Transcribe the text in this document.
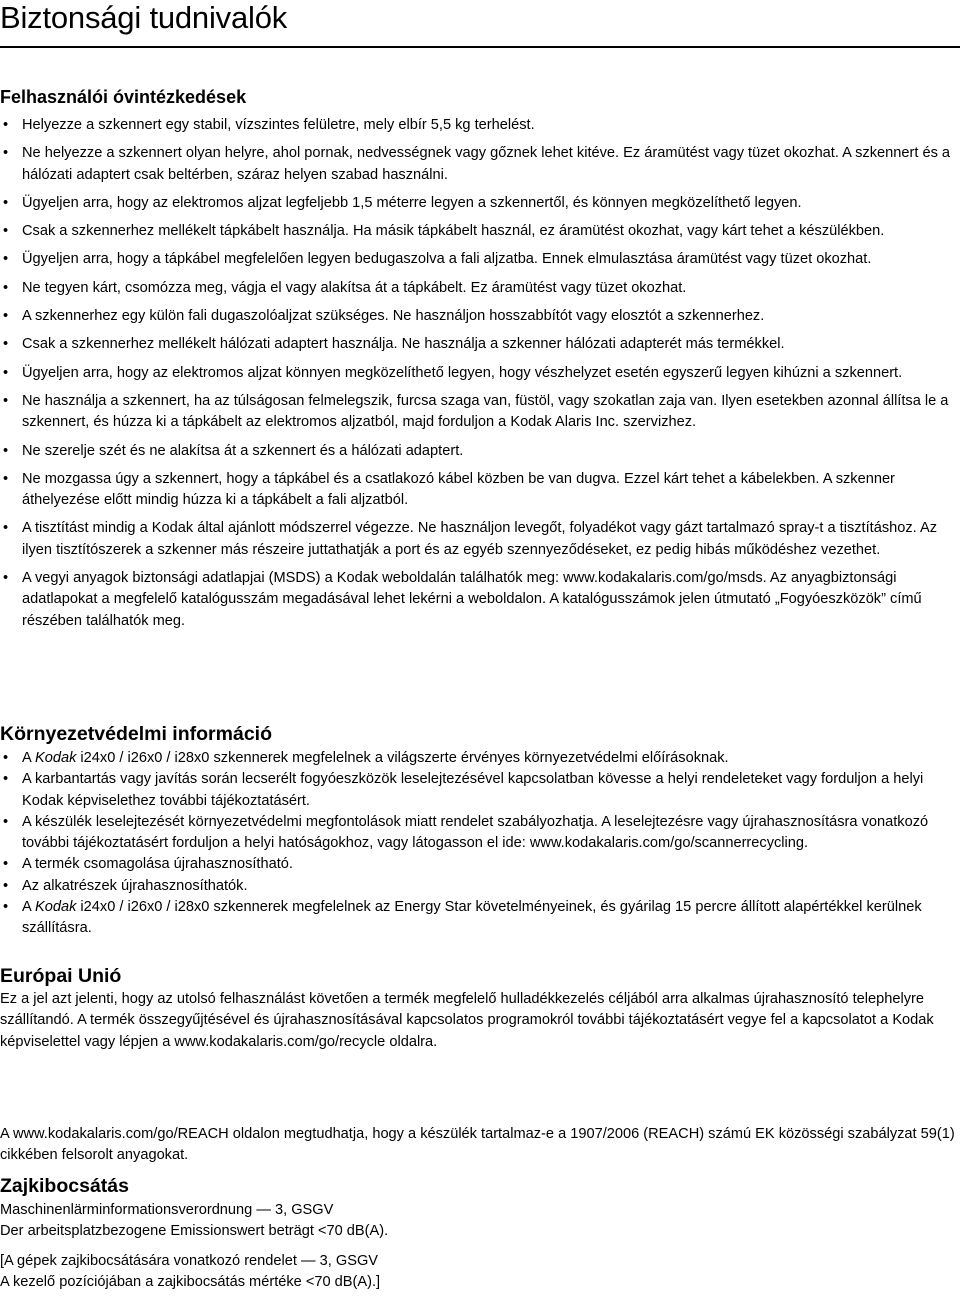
Biztonsági tudnivalók
Felhasználói óvintézkedések
• Helyezze a szkennert egy stabil, vízszintes felületre, mely elbír 5,5 kg terhelést.
• Ne helyezze a szkennert olyan helyre, ahol pornak, nedvességnek vagy gőznek lehet kitéve. Ez áramütést vagy tüzet okozhat. A szkennert és a hálózati adaptert csak beltérben, száraz helyen szabad használni.
• Ügyeljen arra, hogy az elektromos aljzat legfeljebb 1,5 méterre legyen a szkennertől, és könnyen megközelíthető legyen.
• Csak a szkennerhez mellékelt tápkábelt használja. Ha másik tápkábelt használ, ez áramütést okozhat, vagy kárt tehet a készülékben.
• Ügyeljen arra, hogy a tápkábel megfelelően legyen bedugaszolva a fali aljzatba. Ennek elmulasztása áramütést vagy tüzet okozhat.
• Ne tegyen kárt, csomózza meg, vágja el vagy alakítsa át a tápkábelt. Ez áramütést vagy tüzet okozhat.
• A szkennerhez egy külön fali dugaszolóaljzat szükséges. Ne használjon hosszabbítót vagy elosztót a szkennerhez.
• Csak a szkennerhez mellékelt hálózati adaptert használja. Ne használja a szkenner hálózati adapterét más termékkel.
• Ügyeljen arra, hogy az elektromos aljzat könnyen megközelíthető legyen, hogy vészhelyzet esetén egyszerű legyen kihúzni a szkennert.
• Ne használja a szkennert, ha az túlságosan felmelegszik, furcsa szaga van, füstöl, vagy szokatlan zaja van. Ilyen esetekben azonnal állítsa le a szkennert, és húzza ki a tápkábelt az elektromos aljzatból, majd forduljon a Kodak Alaris Inc. szervizhez.
• Ne szerelje szét és ne alakítsa át a szkennert és a hálózati adaptert.
• Ne mozgassa úgy a szkennert, hogy a tápkábel és a csatlakozó kábel közben be van dugva. Ezzel kárt tehet a kábelekben. A szkenner áthelyezése előtt mindig húzza ki a tápkábelt a fali aljzatból.
• A tisztítást mindig a Kodak által ajánlott módszerrel végezze. Ne használjon levegőt, folyadékot vagy gázt tartalmazó spray-t a tisztításhoz. Az ilyen tisztítószerek a szkenner más részeire juttathatják a port és az egyéb szennyeződéseket, ez pedig hibás működéshez vezethet.
• A vegyi anyagok biztonsági adatlapjai (MSDS) a Kodak weboldalán találhatók meg: www.kodakalaris.com/go/msds. Az anyagbiztonsági adatlapokat a megfelelő katalógusszám megadásával lehet lekérni a weboldalon. A katalógusszámok jelen útmutató „Fogyóeszközök” című részében találhatók meg.
Környezetvédelmi információ
• A Kodak i24x0 / i26x0 / i28x0 szkennerek megfelelnek a világszerte érvényes környezetvédelmi előírásoknak.
• A karbantartás vagy javítás során lecserélt fogyóeszközök leselejtezésével kapcsolatban kövesse a helyi rendeleteket vagy forduljon a helyi Kodak képviselethez további tájékoztatásért.
• A készülék leselejtezését környezetvédelmi megfontolások miatt rendelet szabályozhatja. A leselejtezésre vagy újrahasznosításra vonatkozó további tájékoztatásért forduljon a helyi hatóságokhoz, vagy látogasson el ide: www.kodakalaris.com/go/scannerrecycling.
• A termék csomagolása újrahasznosítható.
• Az alkatrészek újrahasznosíthatók.
• A Kodak i24x0 / i26x0 / i28x0 szkennerek megfelelnek az Energy Star követelményeinek, és gyárilag 15 percre állított alapértékkel kerülnek szállításra.
Európai Unió

Ez a jel azt jelenti, hogy az utolsó felhasználást követően a termék megfelelő hulladékkezelés céljából arra alkalmas újrahasznosító telephelyre szállítandó. A termék összegyűjtésével és újrahasznosításával kapcsolatos programokról további tájékoztatásért vegye fel a kapcsolatot a Kodak képviselettel vagy lépjen a www.kodakalaris.com/go/recycle oldalra.

A www.kodakalaris.com/go/REACH oldalon megtudhatja, hogy a készülék tartalmaz-e a 1907/2006 (REACH) számú EK közösségi szabályzat 59(1) cikkében felsorolt anyagokat.

Zajkibocsátás

Maschinenlärminformationsverordnung — 3, GSGV
Der arbeitsplatzbezogene Emissionswert beträgt <70 dB(A).

[A gépek zajkibocsátására vonatkozó rendelet — 3, GSGV
A kezelő pozíciójában a zajkibocsátás mértéke <70 dB(A).]
